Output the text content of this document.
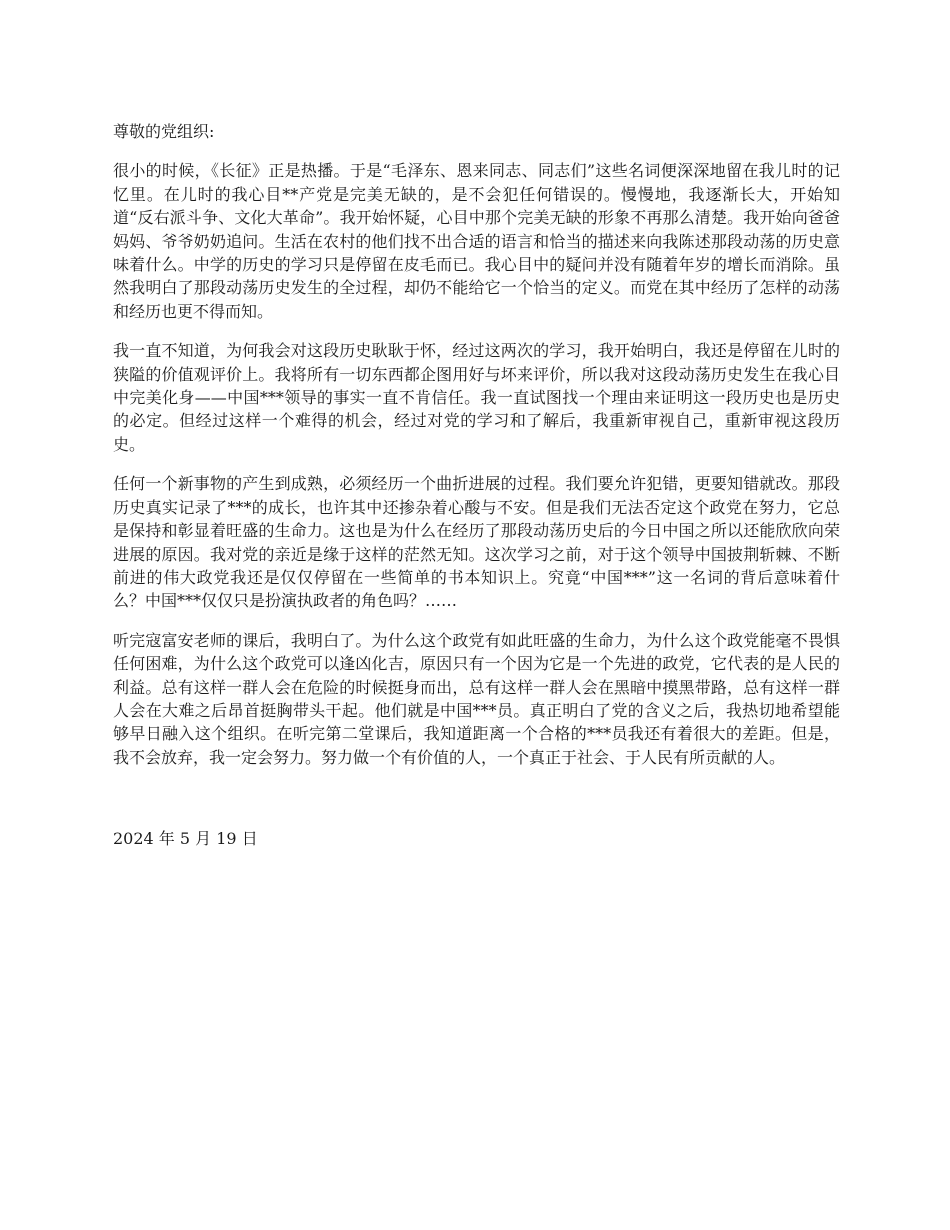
尊敬的党组织:
很小的时候，《长征》正是热播。于是“毛泽东、恩来同志、同志们”这些名词便深深地留在我儿时的记忆里。在儿时的我心目**产党是完美无缺的，是不会犯任何错误的。慢慢地，我逐渐长大，开始知道“反右派斗争、文化大革命”。我开始怀疑，心目中那个完美无缺的形象不再那么清楚。我开始向爸爸妈妈、爷爷奶奶追问。生活在农村的他们找不出合适的语言和恰当的描述来向我陈述那段动荡的历史意味着什么。中学的历史的学习只是停留在皮毛而已。我心目中的疑问并没有随着年岁的增长而消除。虽然我明白了那段动荡历史发生的全过程，却仍不能给它一个恰当的定义。而党在其中经历了怎样的动荡和经历也更不得而知。
我一直不知道，为何我会对这段历史耿耿于怀，经过这两次的学习，我开始明白，我还是停留在儿时的狭隘的价值观评价上。我将所有一切东西都企图用好与坏来评价，所以我对这段动荡历史发生在我心目中完美化身——中国***领导的事实一直不肯信任。我一直试图找一个理由来证明这一段历史也是历史的必定。但经过这样一个难得的机会，经过对党的学习和了解后，我重新审视自己，重新审视这段历史。
任何一个新事物的产生到成熟，必须经历一个曲折进展的过程。我们要允许犯错，更要知错就改。那段历史真实记录了***的成长，也许其中还掺杂着心酸与不安。但是我们无法否定这个政党在努力，它总是保持和彰显着旺盛的生命力。这也是为什么在经历了那段动荡历史后的今日中国之所以还能欣欣向荣进展的原因。我对党的亲近是缘于这样的茫然无知。这次学习之前，对于这个领导中国披荆斩棘、不断前进的伟大政党我还是仅仅停留在一些简单的书本知识上。究竟“中国***”这一名词的背后意味着什么？中国***仅仅只是扮演执政者的角色吗？……
听完寇富安老师的课后，我明白了。为什么这个政党有如此旺盛的生命力，为什么这个政党能毫不畏惧任何困难，为什么这个政党可以逢凶化吉，原因只有一个因为它是一个先进的政党，它代表的是人民的利益。总有这样一群人会在危险的时候挺身而出，总有这样一群人会在黑暗中摸黑带路，总有这样一群人会在大难之后昂首挺胸带头干起。他们就是中国***员。真正明白了党的含义之后，我热切地希望能够早日融入这个组织。在听完第二堂课后，我知道距离一个合格的***员我还有着很大的差距。但是，我不会放弃，我一定会努力。努力做一个有价值的人，一个真正于社会、于人民有所贡献的人。
2024 年 5 月 19 日
